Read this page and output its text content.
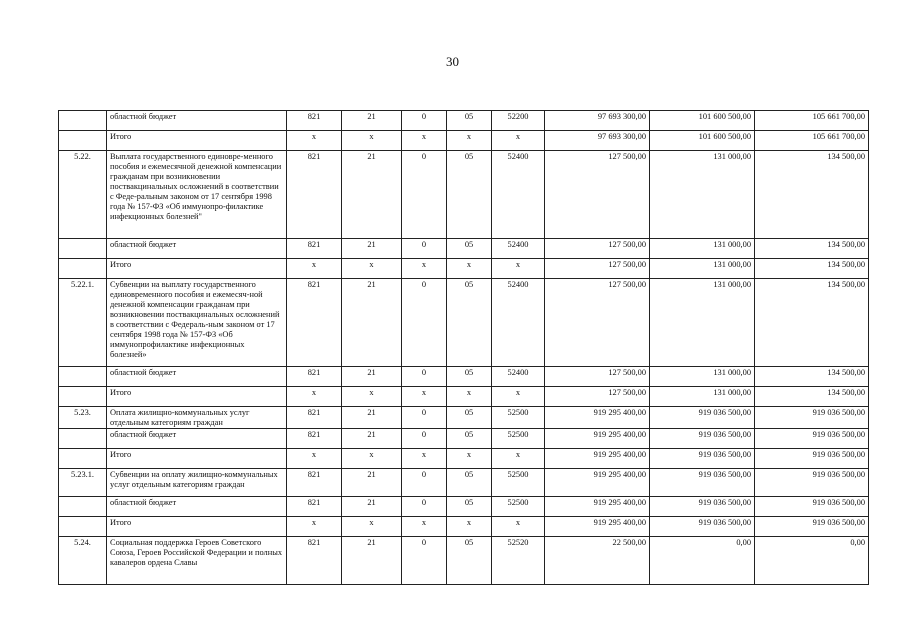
30
	областной бюджет	821	21	0	05	52200	97 693 300,00	101 600 500,00	105 661 700,00
	Итого	х	х	х	х	х	97 693 300,00	101 600 500,00	105 661 700,00
5.22.	Выплата государственного единовре-менного пособия и ежемесячной денежной компенсации гражданам при возникновении поствакцинальных осложнений в соответствии с Феде-ральным законом от 17 сентября 1998 года № 157-ФЗ «Об иммунопро-филактике инфекционных болезней"	821	21	0	05	52400	127 500,00	131 000,00	134 500,00
	областной бюджет	821	21	0	05	52400	127 500,00	131 000,00	134 500,00
	Итого	х	х	х	х	х	127 500,00	131 000,00	134 500,00
5.22.1.	Субвенции на выплату государственного единовременного пособия и ежемесяч-ной денежной компенсации гражданам при возникновении поствакцинальных осложнений в соответствии с Федераль-ным законом от 17 сентября 1998 года № 157-ФЗ «Об иммунопрофилактике инфекционных болезней»	821	21	0	05	52400	127 500,00	131 000,00	134 500,00
	областной бюджет	821	21	0	05	52400	127 500,00	131 000,00	134 500,00
	Итого	х	х	х	х	х	127 500,00	131 000,00	134 500,00
5.23.	Оплата жилищно-коммунальных услуг отдельным категориям граждан	821	21	0	05	52500	919 295 400,00	919 036 500,00	919 036 500,00
	областной бюджет	821	21	0	05	52500	919 295 400,00	919 036 500,00	919 036 500,00
	Итого	х	х	х	х	х	919 295 400,00	919 036 500,00	919 036 500,00
5.23.1.	Субвенции на оплату жилищно-коммунальных услуг отдельным категориям граждан	821	21	0	05	52500	919 295 400,00	919 036 500,00	919 036 500,00
	областной бюджет	821	21	0	05	52500	919 295 400,00	919 036 500,00	919 036 500,00
	Итого	х	х	х	х	х	919 295 400,00	919 036 500,00	919 036 500,00
5.24.	Социальная поддержка Героев Советского Союза, Героев Российской Федерации и полных кавалеров ордена Славы	821	21	0	05	52520	22 500,00	0,00	0,00
